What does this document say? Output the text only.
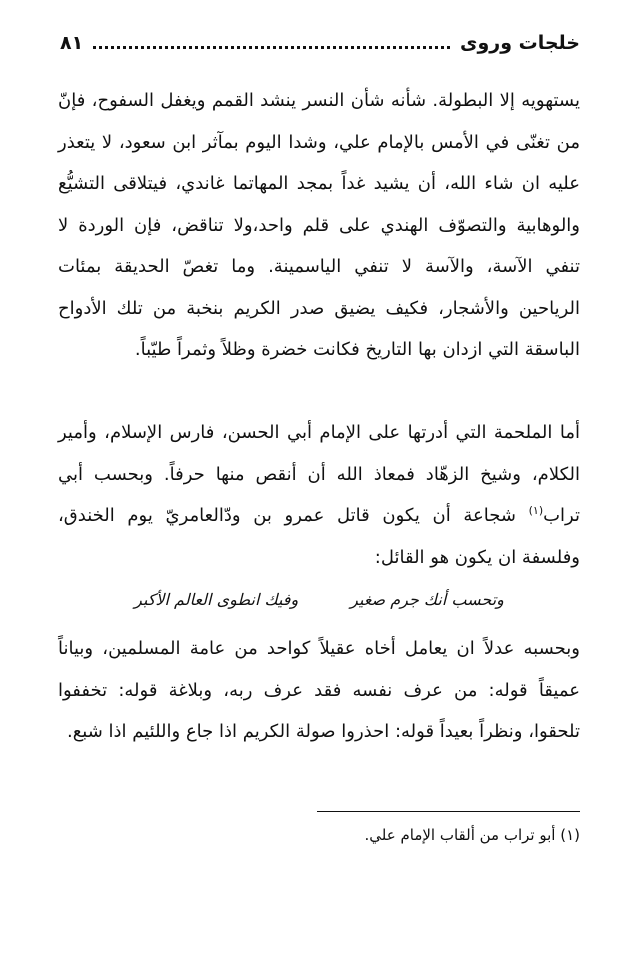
خلجات وروى
٨١

يستهويه إلا البطولة. شأنه شأن النسر ينشد القمم ويغفل السفوح، فإنّ من تغنّى في الأمس بالإمام علي، وشدا اليوم بمآثر ابن سعود، لا يتعذر عليه ان شاء الله، أن يشيد غداً بمجد المهاتما غاندي، فيتلاقى التشيُّع والوهابية والتصوّف الهندي على قلم واحد،ولا تناقض، فإن الوردة لا تنفي الآسة، والآسة لا تنفي الياسمينة. وما تغصّ الحديقة بمئات الرياحين والأشجار، فكيف يضيق صدر الكريم بنخبة من تلك الأدواح الباسقة التي ازدان بها التاريخ فكانت خضرة وظلاً وثمراً طيّباً.

أما الملحمة التي أدرتها على الإمام أبي الحسن، فارس الإسلام، وأمير الكلام، وشيخ الزهّاد فمعاذ الله أن أنقص منها حرفاً. وبحسب أبي تراب$^{(١)}$ شجاعة أن يكون قاتل عمرو بن ودّالعامريّ يوم الخندق، وفلسفة ان يكون هو القائل:

وتحسب أنك جرم صغير
وفيك انطوى العالم الأكبر

وبحسبه عدلاً ان يعامل أخاه عقيلاً كواحد من عامة المسلمين، وبياناً عميقاً قوله: من عرف نفسه فقد عرف ربه، وبلاغة قوله: تخففوا تلحقوا، ونظراً بعيداً قوله: احذروا صولة الكريم اذا جاع واللئيم اذا شبع.

(١) أبو تراب من ألقاب الإمام علي.
